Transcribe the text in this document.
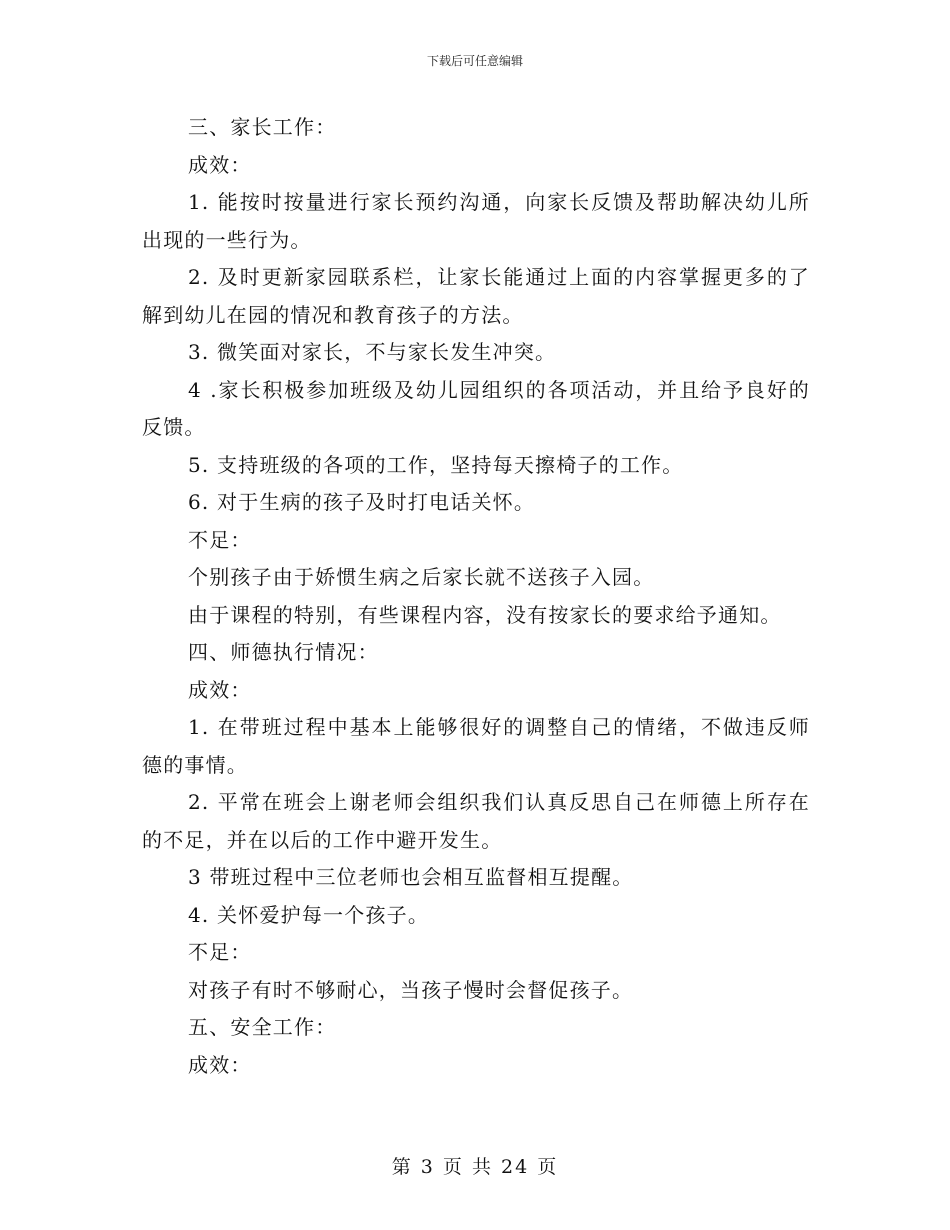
下载后可任意编辑

三、家长工作：

成效：

1. 能按时按量进行家长预约沟通，向家长反馈及帮助解决幼儿所出现的一些行为。

2. 及时更新家园联系栏，让家长能通过上面的内容掌握更多的了解到幼儿在园的情况和教育孩子的方法。

3. 微笑面对家长，不与家长发生冲突。

4 .家长积极参加班级及幼儿园组织的各项活动，并且给予良好的反馈。

5. 支持班级的各项的工作，坚持每天擦椅子的工作。

6. 对于生病的孩子及时打电话关怀。

不足：

个别孩子由于娇惯生病之后家长就不送孩子入园。

由于课程的特别，有些课程内容，没有按家长的要求给予通知。

四、师德执行情况：

成效：

1. 在带班过程中基本上能够很好的调整自己的情绪，不做违反师德的事情。

2. 平常在班会上谢老师会组织我们认真反思自己在师德上所存在的不足，并在以后的工作中避开发生。

3 带班过程中三位老师也会相互监督相互提醒。

4. 关怀爱护每一个孩子。

不足：

对孩子有时不够耐心，当孩子慢时会督促孩子。

五、安全工作：

成效：

第 3 页 共 24 页
